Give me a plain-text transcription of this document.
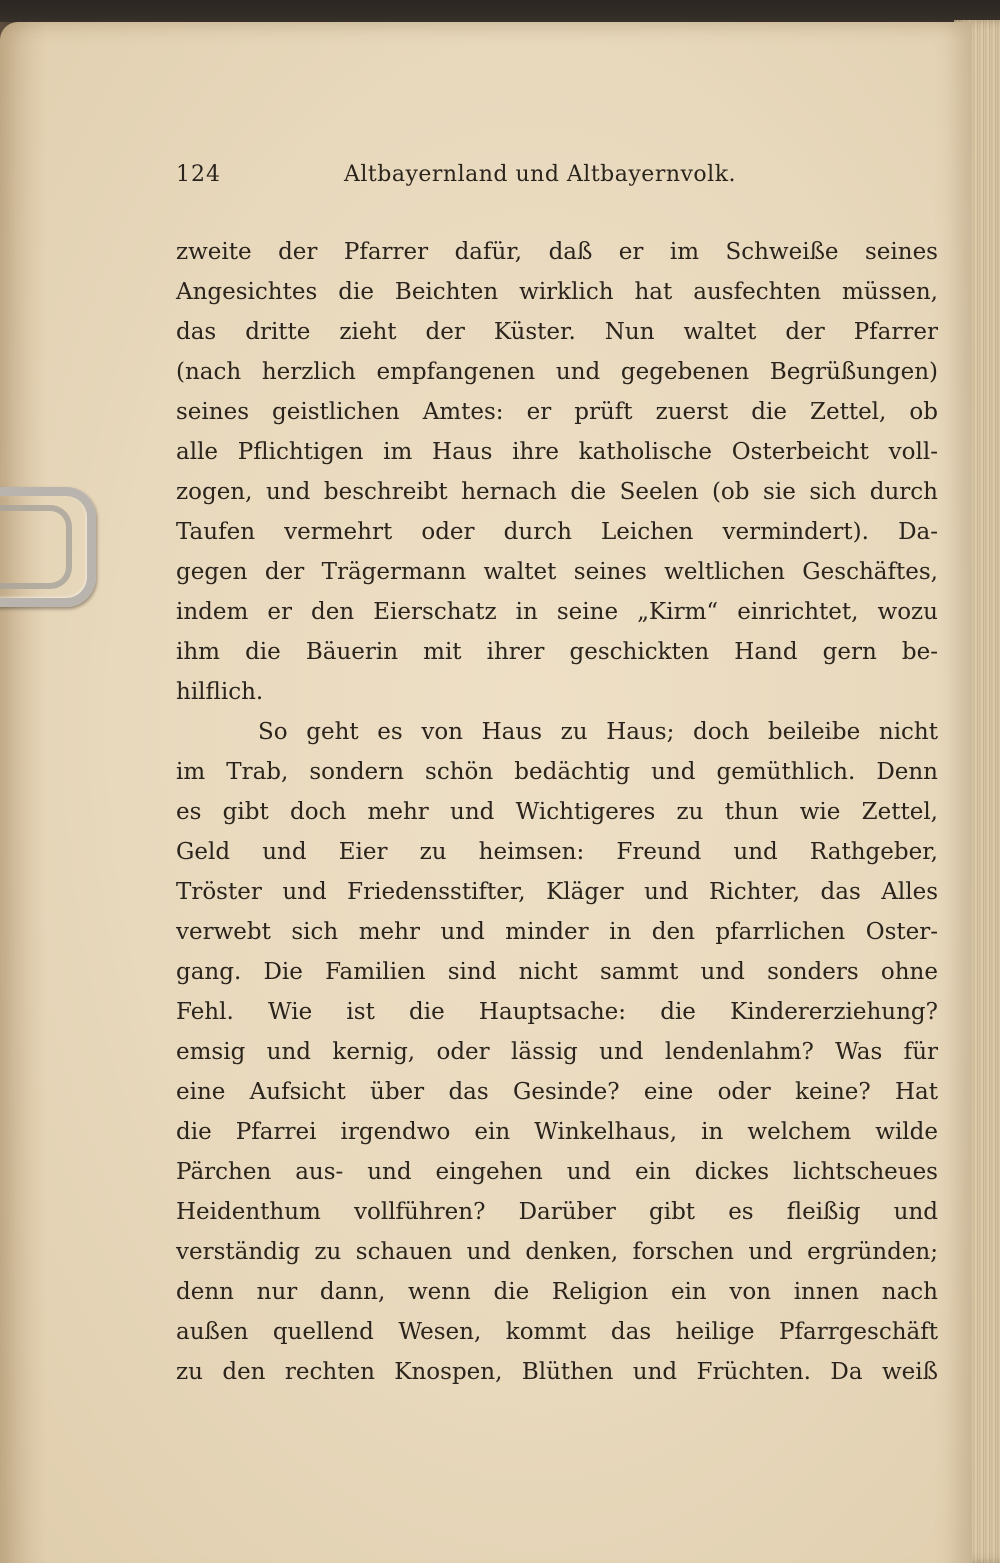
124	Altbayernland und Altbayernvolk.
zweite der Pfarrer dafür, daß er im Schweiße seines
Angesichtes die Beichten wirklich hat ausfechten müssen,
das dritte zieht der Küster. Nun waltet der Pfarrer
(nach herzlich empfangenen und gegebenen Begrüßungen)
seines geistlichen Amtes: er prüft zuerst die Zettel, ob
alle Pflichtigen im Haus ihre katholische Osterbeicht voll-
zogen, und beschreibt hernach die Seelen (ob sie sich durch
Taufen vermehrt oder durch Leichen vermindert). Da-
gegen der Trägermann waltet seines weltlichen Geschäftes,
indem er den Eierschatz in seine „Kirm“ einrichtet, wozu
ihm die Bäuerin mit ihrer geschickten Hand gern be-
hilflich.
So geht es von Haus zu Haus; doch beileibe nicht
im Trab, sondern schön bedächtig und gemüthlich. Denn
es gibt doch mehr und Wichtigeres zu thun wie Zettel,
Geld und Eier zu heimsen: Freund und Rathgeber,
Tröster und Friedensstifter, Kläger und Richter, das Alles
verwebt sich mehr und minder in den pfarrlichen Oster-
gang. Die Familien sind nicht sammt und sonders ohne
Fehl. Wie ist die Hauptsache: die Kindererziehung?
emsig und kernig, oder lässig und lendenlahm? Was für
eine Aufsicht über das Gesinde? eine oder keine? Hat
die Pfarrei irgendwo ein Winkelhaus, in welchem wilde
Pärchen aus- und eingehen und ein dickes lichtscheues
Heidenthum vollführen? Darüber gibt es fleißig und
verständig zu schauen und denken, forschen und ergründen;
denn nur dann, wenn die Religion ein von innen nach
außen quellend Wesen, kommt das heilige Pfarrgeschäft
zu den rechten Knospen, Blüthen und Früchten. Da weiß
